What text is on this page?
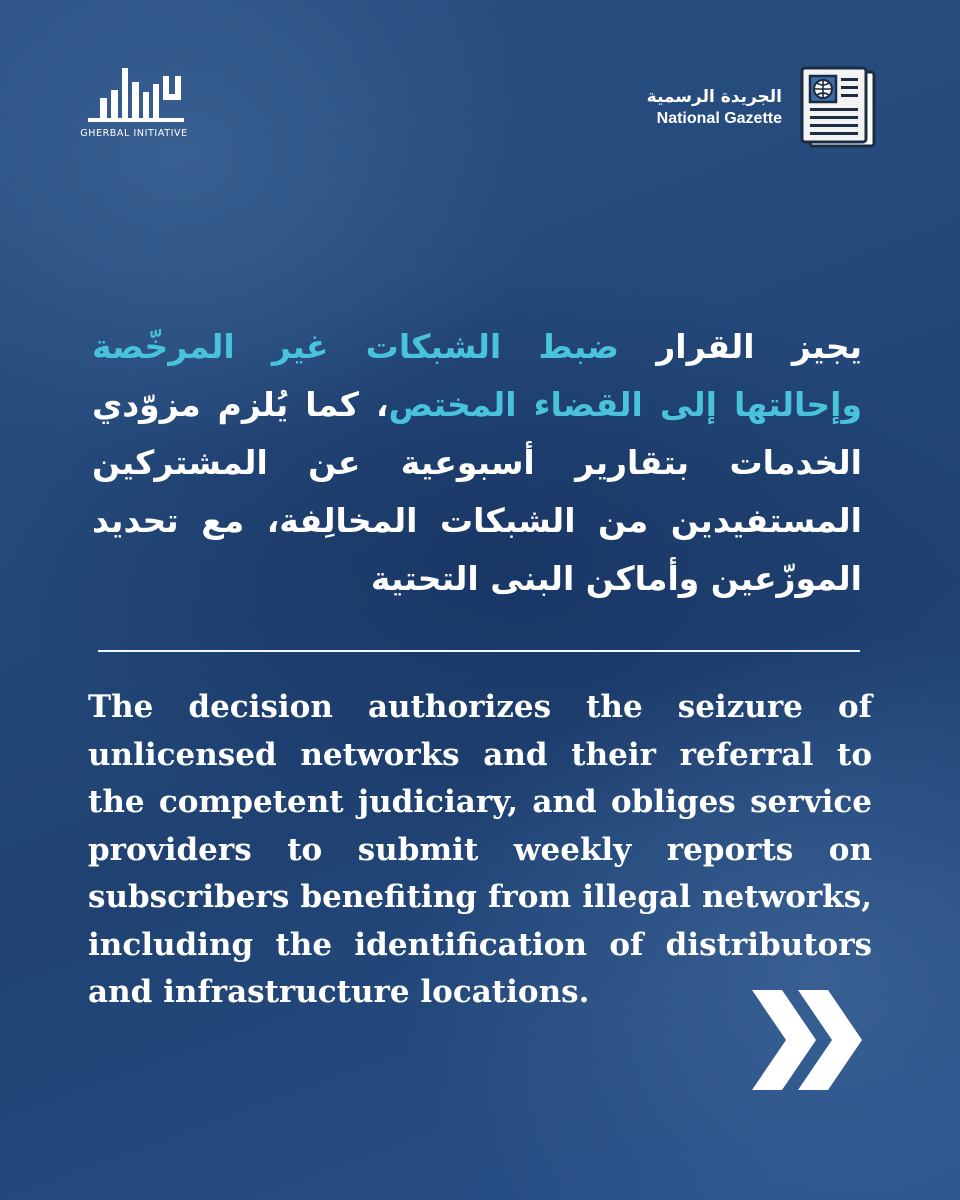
GHERBAL INITIATIVE
الجريدة الرسمية
National Gazette
يجيز القرار ضبط الشبكات غير المرخّصة وإحالتها إلى القضاء المختص، كما يُلزم مزوّدي الخدمات بتقارير أسبوعية عن المشتركين المستفيدين من الشبكات المخالِفة، مع تحديد الموزّعين وأماكن البنى التحتية
The decision authorizes the seizure of unlicensed networks and their referral to the competent judiciary, and obliges service providers to submit weekly reports on subscribers benefiting from illegal networks, including the identification of distributors and infrastructure locations.
